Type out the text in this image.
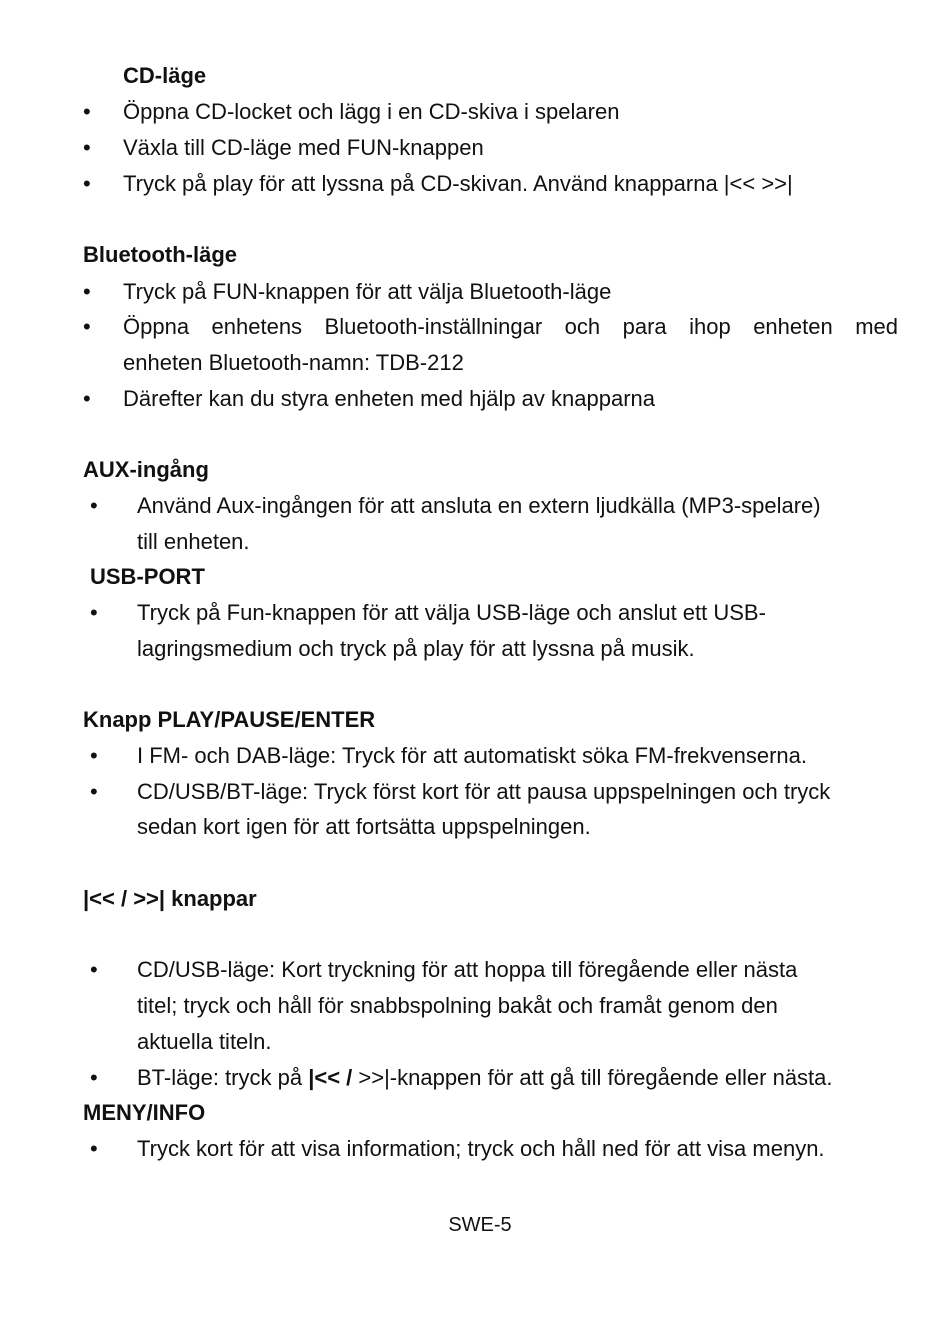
CD-läge
• Öppna CD-locket och lägg i en CD-skiva i spelaren
• Växla till CD-läge med FUN-knappen
• Tryck på play för att lyssna på CD-skivan. Använd knapparna |<< >>|
Bluetooth-läge
• Tryck på FUN-knappen för att välja Bluetooth-läge
• Öppna enhetens Bluetooth-inställningar och para ihop enheten med
enheten Bluetooth-namn: TDB-212
• Därefter kan du styra enheten med hjälp av knapparna
AUX-ingång
• Använd Aux-ingången för att ansluta en extern ljudkälla (MP3-spelare)
till enheten.
USB-PORT
• Tryck på Fun-knappen för att välja USB-läge och anslut ett USB-
lagringsmedium och tryck på play för att lyssna på musik.
Knapp PLAY/PAUSE/ENTER
• I FM- och DAB-läge: Tryck för att automatiskt söka FM-frekvenserna.
• CD/USB/BT-läge: Tryck först kort för att pausa uppspelningen och tryck
sedan kort igen för att fortsätta uppspelningen.
|<< / >>| knappar
• CD/USB-läge: Kort tryckning för att hoppa till föregående eller nästa
titel; tryck och håll för snabbspolning bakåt och framåt genom den
aktuella titeln.
• BT-läge: tryck på |<< / >>|-knappen för att gå till föregående eller nästa.
MENY/INFO
• Tryck kort för att visa information; tryck och håll ned för att visa menyn.
SWE-5
